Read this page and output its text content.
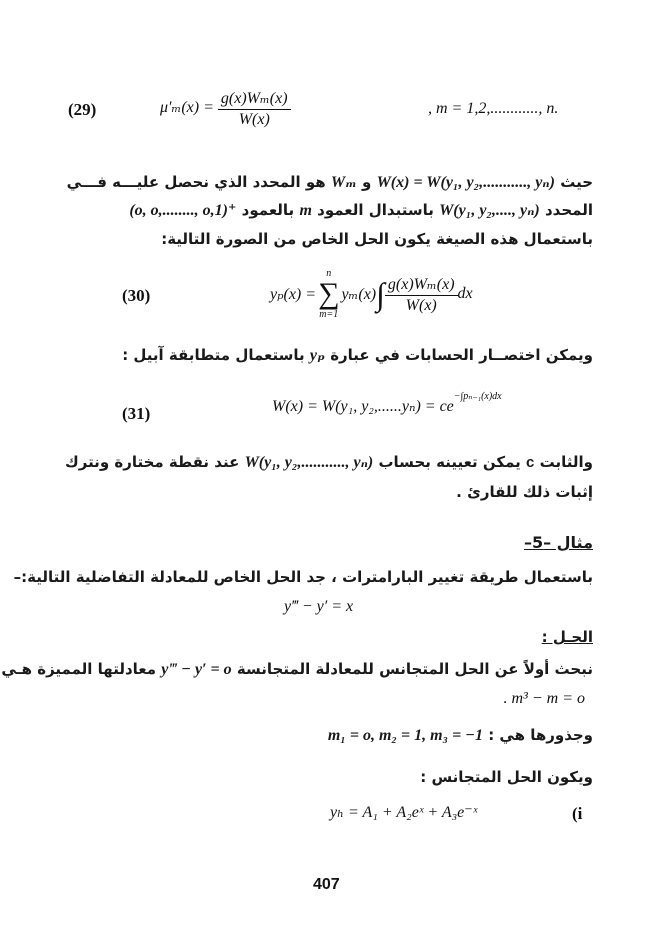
(29)	$\mu'_m(x) = \frac{\text{g(x)Wₘ(x)}}{W(x)}$	, m = 1,2,............, n.
حيث W(x) = W(y₁, y₂,..........., yₙ) و Wₘ هو المحدد الذي نحصل عليـــه فـــي
المحدد W(y₁, y₂,...., yₙ) باستبدال العمود m بالعمود (o, o,........, o,1)⁺
باستعمال هذه الصيغة يكون الحل الخاص من الصورة التالية:
(30)	yₚ(x) =
n
∑
m=1
yₘ(x) ∫ $\frac{\text{g(x)Wₘ(x)}}{W(x)}$ dx
ويمكن اختصــار الحسابات في عبارة yₚ باستعمال متطابقة آبيل :
(31)	W(x) = W(y₁, $y_2,......y_n) = ce^{-\int p_{n-1}(x)dx}$
والثابت c يمكن تعيينه بحساب W(y₁, y₂,..........., yₙ) عند نقطة مختارة ونترك
إثبات ذلك للقارئ .
مثال –5–
باستعمال طريقة تغيير البارامترات ، جد الحل الخاص للمعادلة التفاضلية التالية:–
y‴ − y′ = x
الحـل :
نبحث أولاً عن الحل المتجانس للمعادلة المتجانسة y‴ − y′ = o معادلتها المميزة هـي
. m³ − m = o
وجذورها هي : m₁ = o, m₂ = 1, m₃ = −1
ويكون الحل المتجانس :
(i
yₕ = A₁ + A₂eˣ + A₃e⁻ˣ
407
